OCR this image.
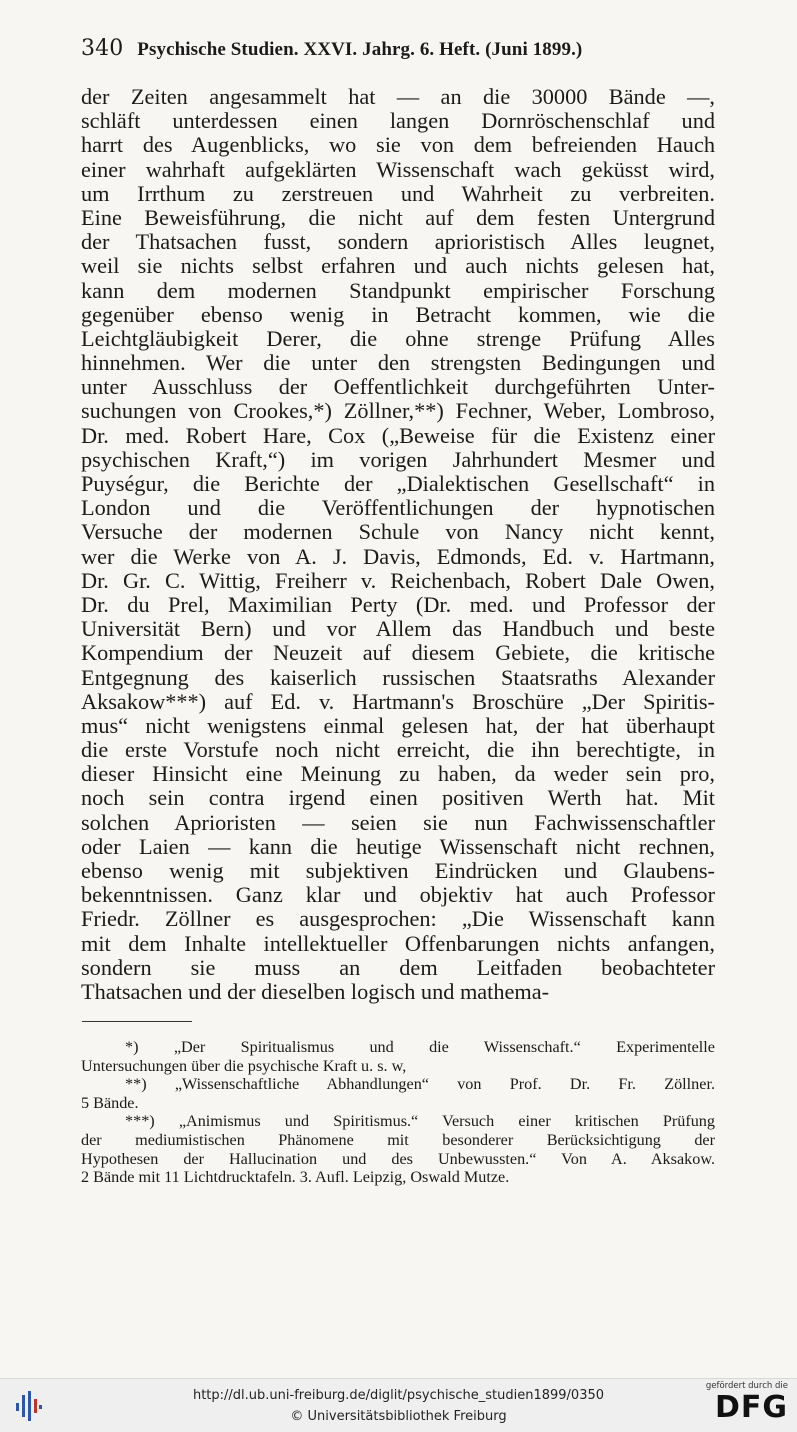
340 Psychische Studien. XXVI. Jahrg. 6. Heft. (Juni 1899.)
der Zeiten angesammelt hat — an die 30000 Bände —,
schläft unterdessen einen langen Dornröschenschlaf und
harrt des Augenblicks, wo sie von dem befreienden Hauch
einer wahrhaft aufgeklärten Wissenschaft wach geküsst wird,
um Irrthum zu zerstreuen und Wahrheit zu verbreiten.
Eine Beweisführung, die nicht auf dem festen Untergrund
der Thatsachen fusst, sondern aprioristisch Alles leugnet,
weil sie nichts selbst erfahren und auch nichts gelesen hat,
kann dem modernen Standpunkt empirischer Forschung
gegenüber ebenso wenig in Betracht kommen, wie die
Leichtgläubigkeit Derer, die ohne strenge Prüfung Alles
hinnehmen. Wer die unter den strengsten Bedingungen und
unter Ausschluss der Oeffentlichkeit durchgeführten Unter-
suchungen von Crookes,*) Zöllner,**) Fechner, Weber, Lombroso,
Dr. med. Robert Hare, Cox („Beweise für die Existenz einer
psychischen Kraft,“) im vorigen Jahrhundert Mesmer und
Puységur, die Berichte der „Dialektischen Gesellschaft“ in
London und die Veröffentlichungen der hypnotischen
Versuche der modernen Schule von Nancy nicht kennt,
wer die Werke von A. J. Davis, Edmonds, Ed. v. Hartmann,
Dr. Gr. C. Wittig, Freiherr v. Reichenbach, Robert Dale Owen,
Dr. du Prel, Maximilian Perty (Dr. med. und Professor der
Universität Bern) und vor Allem das Handbuch und beste
Kompendium der Neuzeit auf diesem Gebiete, die kritische
Entgegnung des kaiserlich russischen Staatsraths Alexander
Aksakow***) auf Ed. v. Hartmann's Broschüre „Der Spiritis-
mus“ nicht wenigstens einmal gelesen hat, der hat überhaupt
die erste Vorstufe noch nicht erreicht, die ihn berechtigte, in
dieser Hinsicht eine Meinung zu haben, da weder sein pro,
noch sein contra irgend einen positiven Werth hat. Mit
solchen Aprioristen — seien sie nun Fachwissenschaftler
oder Laien — kann die heutige Wissenschaft nicht rechnen,
ebenso wenig mit subjektiven Eindrücken und Glaubens-
bekenntnissen. Ganz klar und objektiv hat auch Professor
Friedr. Zöllner es ausgesprochen: „Die Wissenschaft kann
mit dem Inhalte intellektueller Offenbarungen nichts anfangen,
sondern sie muss an dem Leitfaden beobachteter
Thatsachen und der dieselben logisch und mathema-
*) „Der Spiritualismus und die Wissenschaft.“ Experimentelle
Untersuchungen über die psychische Kraft u. s. w,
**) „Wissenschaftliche Abhandlungen“ von Prof. Dr. Fr. Zöllner.
5 Bände.
***) „Animismus und Spiritismus.“ Versuch einer kritischen Prüfung
der mediumistischen Phänomene mit besonderer Berücksichtigung der
Hypothesen der Hallucination und des Unbewussten.“ Von A. Aksakow.
2 Bände mit 11 Lichtdrucktafeln. 3. Aufl. Leipzig, Oswald Mutze.
http://dl.ub.uni-freiburg.de/diglit/psychische_studien1899/0350
© Universitätsbibliothek Freiburg
gefördert durch die
DFG
